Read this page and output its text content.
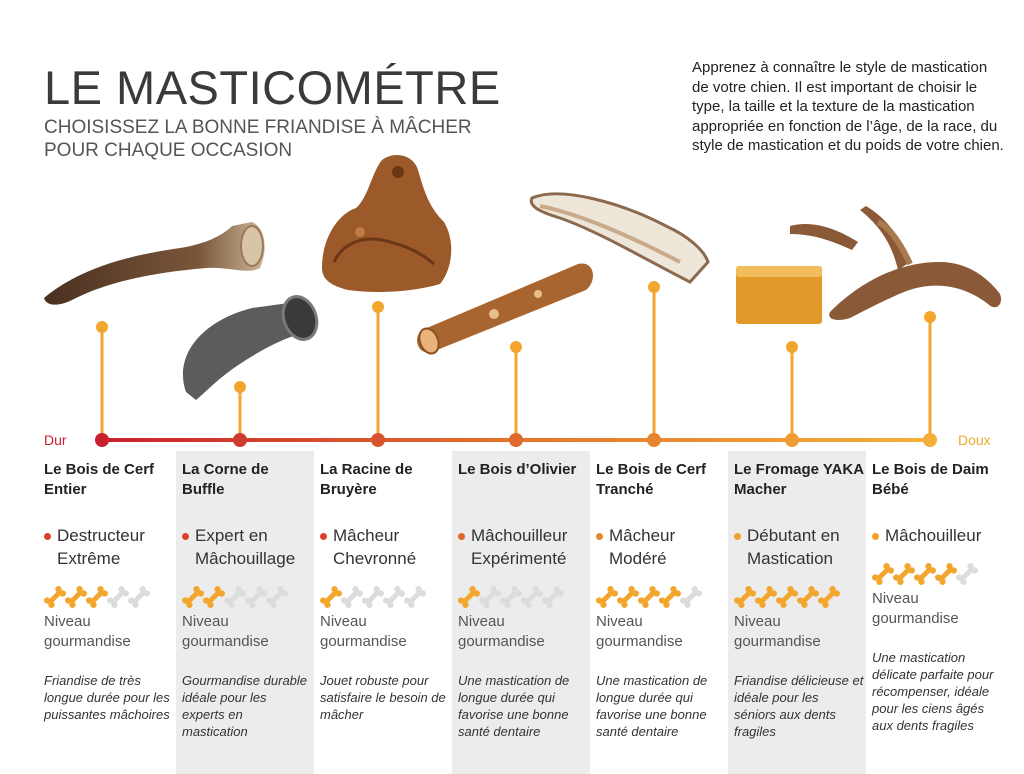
LE MASTICOMÉTRE
CHOISISSEZ LA BONNE FRIANDISE À MÂCHER
POUR CHAQUE OCCASION
Apprenez à connaître le style de mastication de votre chien. Il est important de choisir le type, la taille et la texture de la mastication appropriée en fonction de l’âge, de la race, du style de mastication et du poids de votre chien.
Dur	Doux
Le Bois de Cerf Entier
Destructeur
Extrême
Niveau
gourmandise
Friandise de très longue durée pour les puissantes mâchoires
La Corne de Buffle
Expert en
Mâchouillage
Niveau
gourmandise
Gourmandise durable idéale pour les experts en mastication
La Racine de Bruyère
Mâcheur
Chevronné
Niveau
gourmandise
Jouet robuste pour satisfaire le besoin de mâcher
Le Bois d’Olivier
Mâchouilleur
Expérimenté
Niveau
gourmandise
Une mastication de longue durée qui favorise une bonne santé dentaire
Le Bois de Cerf Tranché
Mâcheur
Modéré
Niveau
gourmandise
Une mastication de longue durée qui favorise une bonne santé dentaire
Le Fromage YAKA Macher
Débutant en
Mastication
Niveau
gourmandise
Friandise délicieuse et idéale pour les séniors aux dents fragiles
Le Bois de Daim Bébé
Mâchouilleur
Niveau
gourmandise
Une mastication délicate parfaite pour récompenser, idéale pour les ciens âgés aux dents fragiles
